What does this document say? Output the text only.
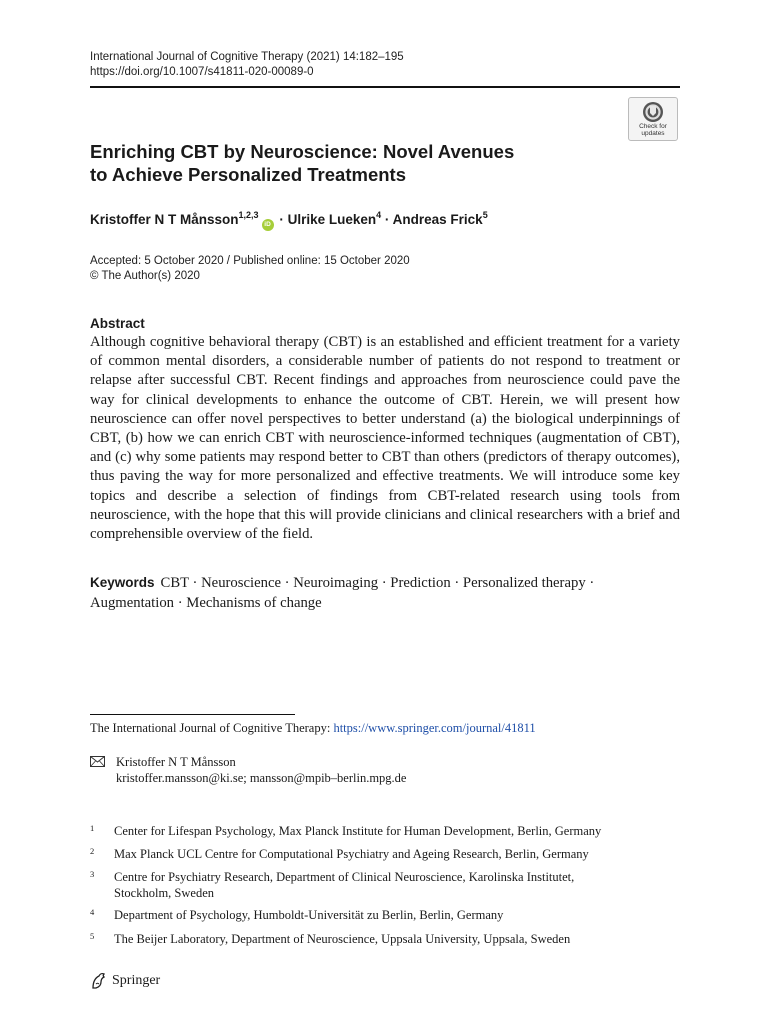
International Journal of Cognitive Therapy (2021) 14:182–195
https://doi.org/10.1007/s41811-020-00089-0
Check for
updates
Enriching CBT by Neuroscience: Novel Avenues
to Achieve Personalized Treatments
Kristoffer N T Månsson$^{1,2,3}$iD · Ulrike Lueken$^4$ · Andreas Frick$^5$
Accepted: 5 October 2020 / Published online: 15 October 2020
© The Author(s) 2020
Abstract

Although cognitive behavioral therapy (CBT) is an established and efficient treatment for a variety of common mental disorders, a considerable number of patients do not respond to treatment or relapse after successful CBT. Recent findings and approaches from neuroscience could pave the way for clinical developments to enhance the outcome of CBT. Herein, we will present how neuroscience can offer novel perspectives to better understand (a) the biological underpinnings of CBT, (b) how we can enrich CBT with neuroscience-informed techniques (augmentation of CBT), and (c) why some patients may respond better to CBT than others (predictors of therapy outcomes), thus paving the way for more personalized and effective treatments. We will introduce some key topics and describe a selection of findings from CBT-related research using tools from neuroscience, with the hope that this will provide clinicians and clinical researchers with a brief and comprehensible overview of the field.

Keywords CBT · Neuroscience · Neuroimaging · Prediction · Personalized therapy ·
Augmentation · Mechanisms of change
The International Journal of Cognitive Therapy: https://www.springer.com/journal/41811
Kristoffer N T Månsson
kristoffer.mansson@ki.se; mansson@mpib–berlin.mpg.de
1 Center for Lifespan Psychology, Max Planck Institute for Human Development, Berlin, Germany
2 Max Planck UCL Centre for Computational Psychiatry and Ageing Research, Berlin, Germany
3 Centre for Psychiatry Research, Department of Clinical Neuroscience, Karolinska Institutet,
Stockholm, Sweden
4 Department of Psychology, Humboldt-Universität zu Berlin, Berlin, Germany
5 The Beijer Laboratory, Department of Neuroscience, Uppsala University, Uppsala, Sweden
Springer
